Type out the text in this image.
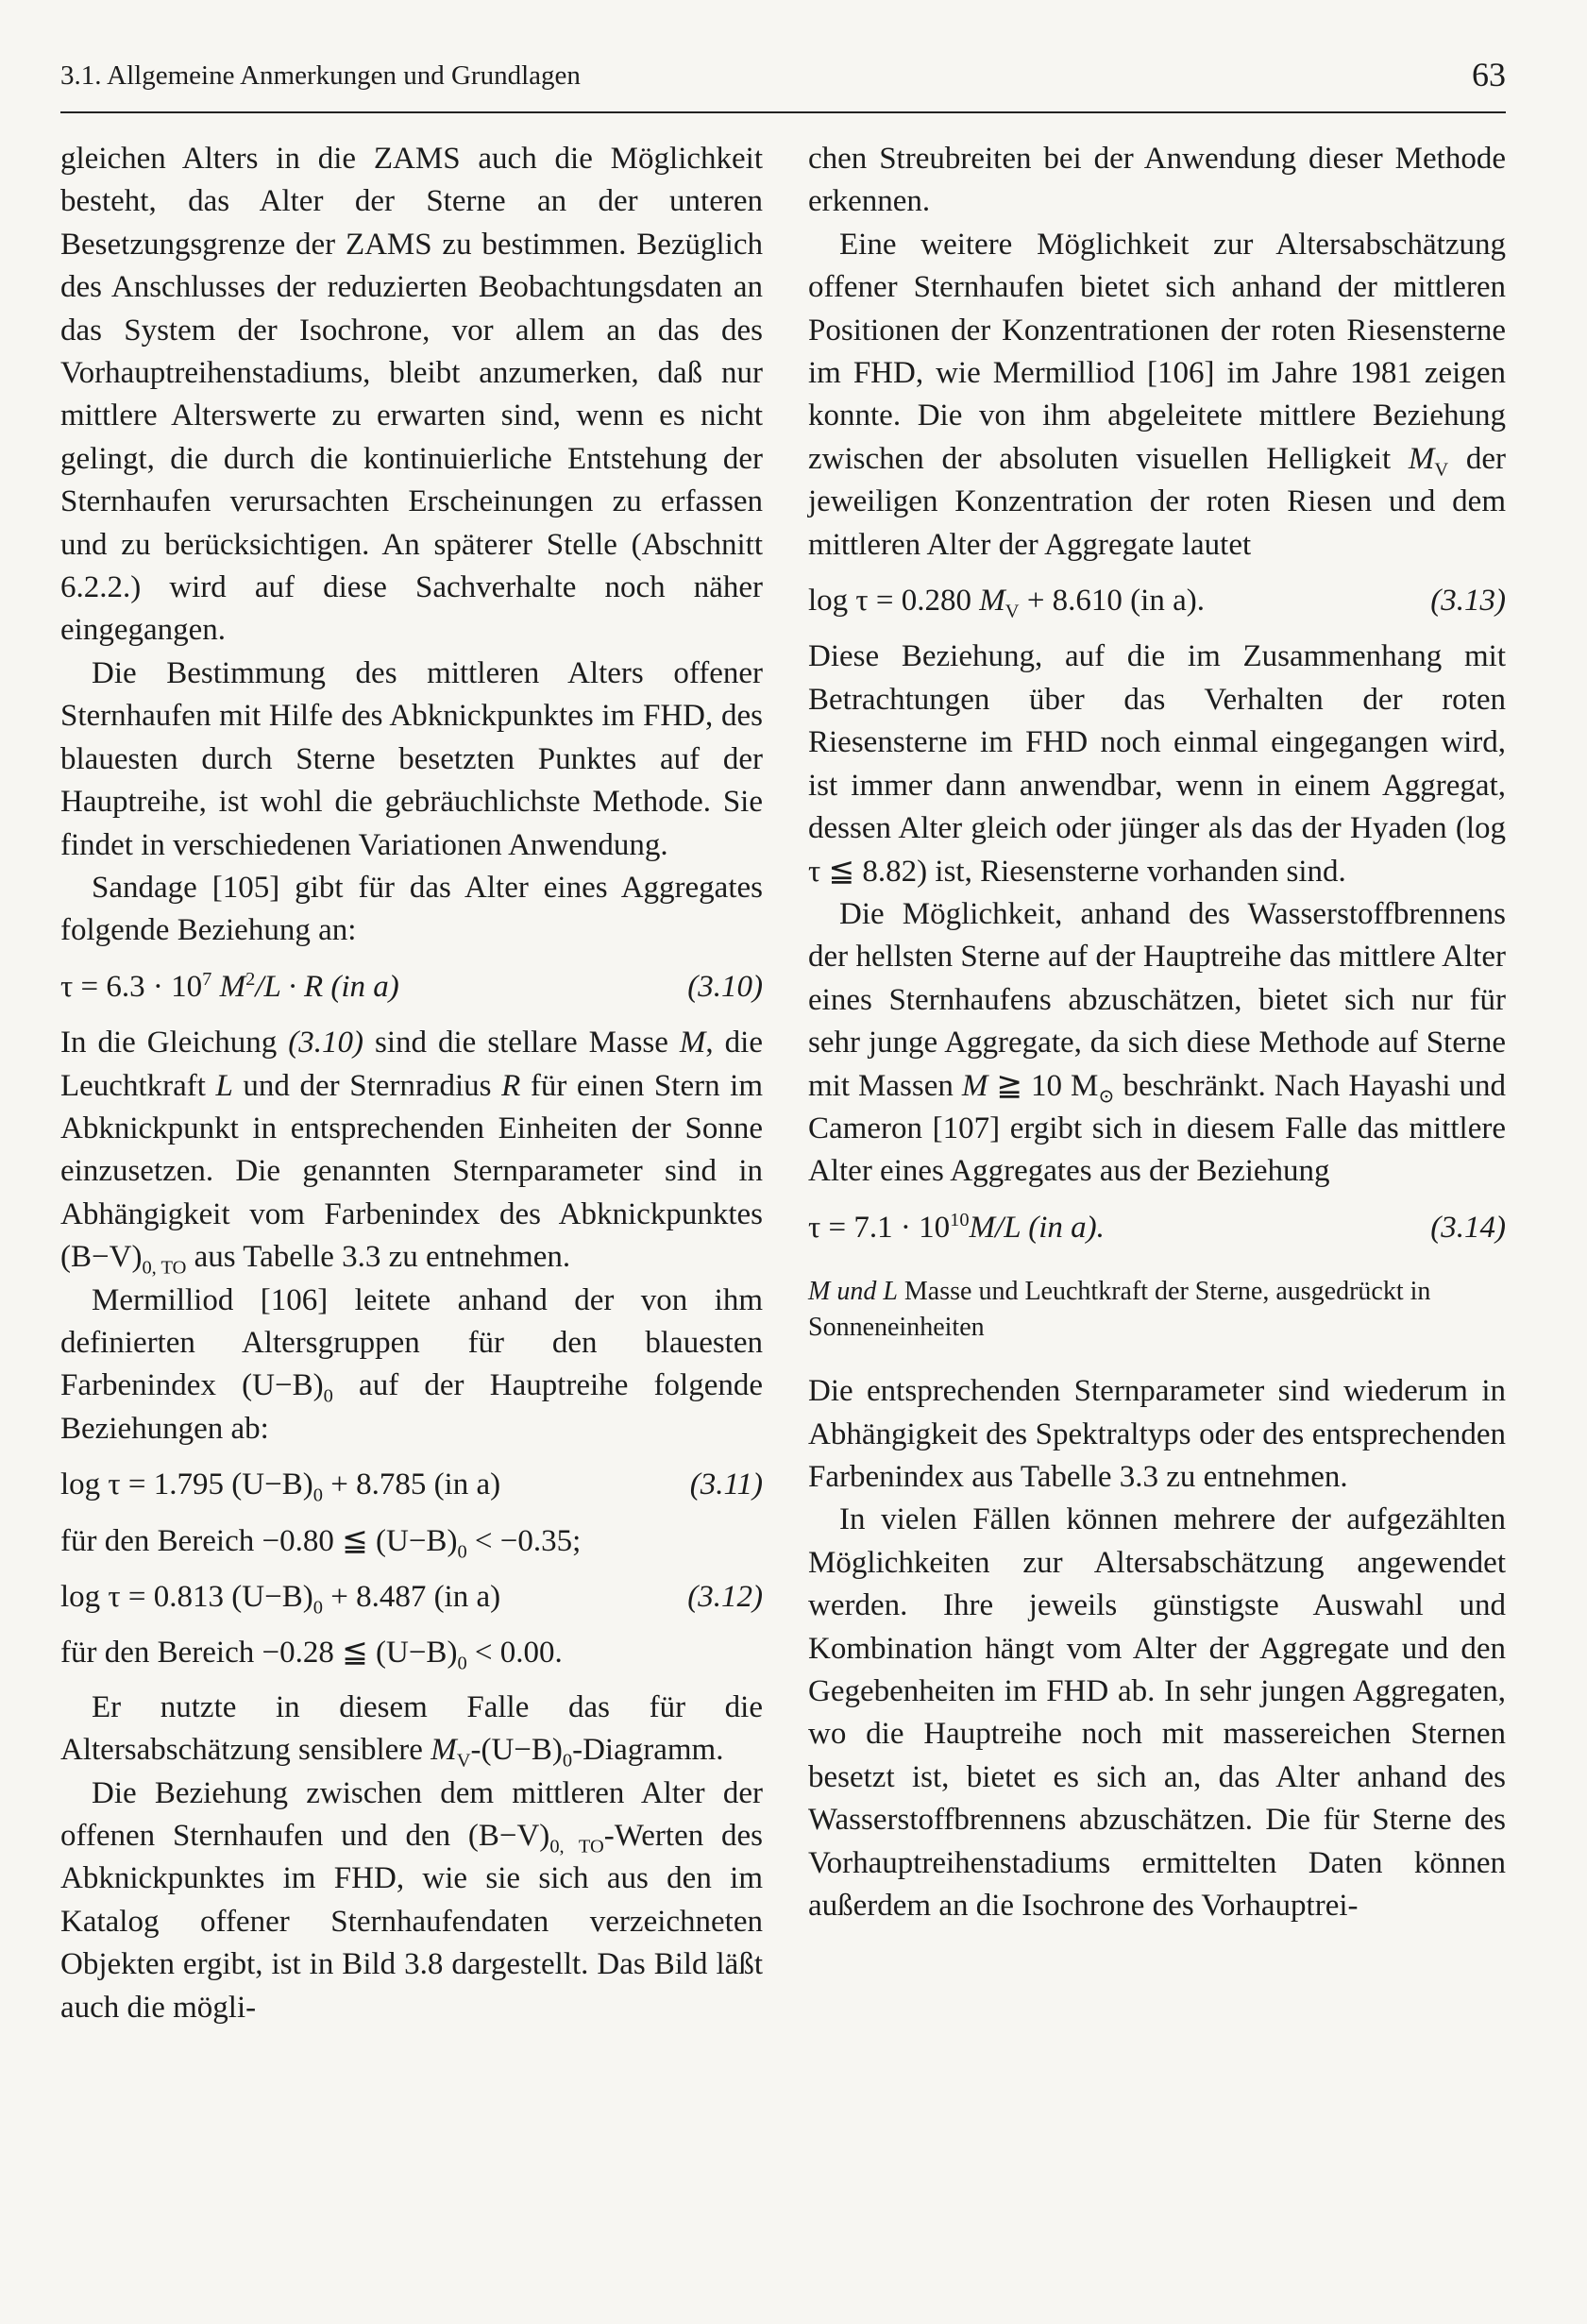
3.1. Allgemeine Anmerkungen und Grundlagen	63

gleichen Alters in die ZAMS auch die Möglichkeit besteht, das Alter der Sterne an der unteren Besetzungsgrenze der ZAMS zu bestimmen. Bezüglich des Anschlusses der reduzierten Beobachtungsdaten an das System der Isochrone, vor allem an das des Vorhauptreihenstadiums, bleibt anzumerken, daß nur mittlere Alterswerte zu erwarten sind, wenn es nicht gelingt, die durch die kontinuierliche Entstehung der Sternhaufen verursachten Erscheinungen zu erfassen und zu berücksichtigen. An späterer Stelle (Abschnitt 6.2.2.) wird auf diese Sachverhalte noch näher eingegangen.

Die Bestimmung des mittleren Alters offener Sternhaufen mit Hilfe des Abknickpunktes im FHD, des blauesten durch Sterne besetzten Punktes auf der Hauptreihe, ist wohl die gebräuchlichste Methode. Sie findet in verschiedenen Variationen Anwendung.

Sandage [105] gibt für das Alter eines Aggregates folgende Beziehung an:

$\tau = 6.3 \cdot 10^7$ $M^2/L \cdot R$ (in a)	(3.10)

In die Gleichung (3.10) sind die stellare Masse M, die Leuchtkraft L und der Sternradius R für einen Stern im Abknickpunkt in entsprechenden Einheiten der Sonne einzusetzen. Die genannten Sternparameter sind in Abhängigkeit vom Farbenindex des Abknickpunktes $(B-V)_{0, TO}$ aus Tabelle 3.3 zu entnehmen.

Mermilliod [106] leitete anhand der von ihm definierten Altersgruppen für den blauesten Farbenindex $(U-B)_0$ auf der Hauptreihe folgende Beziehungen ab:

log τ = 1.795 $(U-B)_0 + 8.785$ (in a)	(3.11)
für den Bereich −0.80 ≦ $(U-B)_0 < -0.35$;
log τ = 0.813 $(U-B)_0 + 8.487$ (in a)	(3.12)
für den Bereich −0.28 ≦ $(U-B)_0 < 0.00$.

Er nutzte in diesem Falle das für die Altersabschätzung sensiblere $M_V-(U-B)_0$-Diagramm.

Die Beziehung zwischen dem mittleren Alter der offenen Sternhaufen und den $(B-V)_{0, TO}$-Werten des Abknickpunktes im FHD, wie sie sich aus den im Katalog offener Sternhaufendaten verzeichneten Objekten ergibt, ist in Bild 3.8 dargestellt. Das Bild läßt auch die mögli-

chen Streubreiten bei der Anwendung dieser Methode erkennen.

Eine weitere Möglichkeit zur Altersabschätzung offener Sternhaufen bietet sich anhand der mittleren Positionen der Konzentrationen der roten Riesensterne im FHD, wie Mermilliod [106] im Jahre 1981 zeigen konnte. Die von ihm abgeleitete mittlere Beziehung zwischen der absoluten visuellen Helligkeit $M_V$ der jeweiligen Konzentration der roten Riesen und dem mittleren Alter der Aggregate lautet

log τ = 0.280 $M_V + 8.610$ (in a).	(3.13)

Diese Beziehung, auf die im Zusammenhang mit Betrachtungen über das Verhalten der roten Riesensterne im FHD noch einmal eingegangen wird, ist immer dann anwendbar, wenn in einem Aggregat, dessen Alter gleich oder jünger als das der Hyaden (log τ ≦ 8.82) ist, Riesensterne vorhanden sind.

Die Möglichkeit, anhand des Wasserstoffbrennens der hellsten Sterne auf der Hauptreihe das mittlere Alter eines Sternhaufens abzuschätzen, bietet sich nur für sehr junge Aggregate, da sich diese Methode auf Sterne mit Massen M ≧ 10 $M_⊙$ beschränkt. Nach Hayashi und Cameron [107] ergibt sich in diesem Falle das mittlere Alter eines Aggregates aus der Beziehung

$\tau = 7.1 \cdot 10^{10}M/L$ (in a).	(3.14)
M und L Masse und Leuchtkraft der Sterne, ausgedrückt in Sonneneinheiten

Die entsprechenden Sternparameter sind wiederum in Abhängigkeit des Spektraltyps oder des entsprechenden Farbenindex aus Tabelle 3.3 zu entnehmen.

In vielen Fällen können mehrere der aufgezählten Möglichkeiten zur Altersabschätzung angewendet werden. Ihre jeweils günstigste Auswahl und Kombination hängt vom Alter der Aggregate und den Gegebenheiten im FHD ab. In sehr jungen Aggregaten, wo die Hauptreihe noch mit massereichen Sternen besetzt ist, bietet es sich an, das Alter anhand des Wasserstoffbrennens abzuschätzen. Die für Sterne des Vorhauptreihenstadiums ermittelten Daten können außerdem an die Isochrone des Vorhauptrei-
